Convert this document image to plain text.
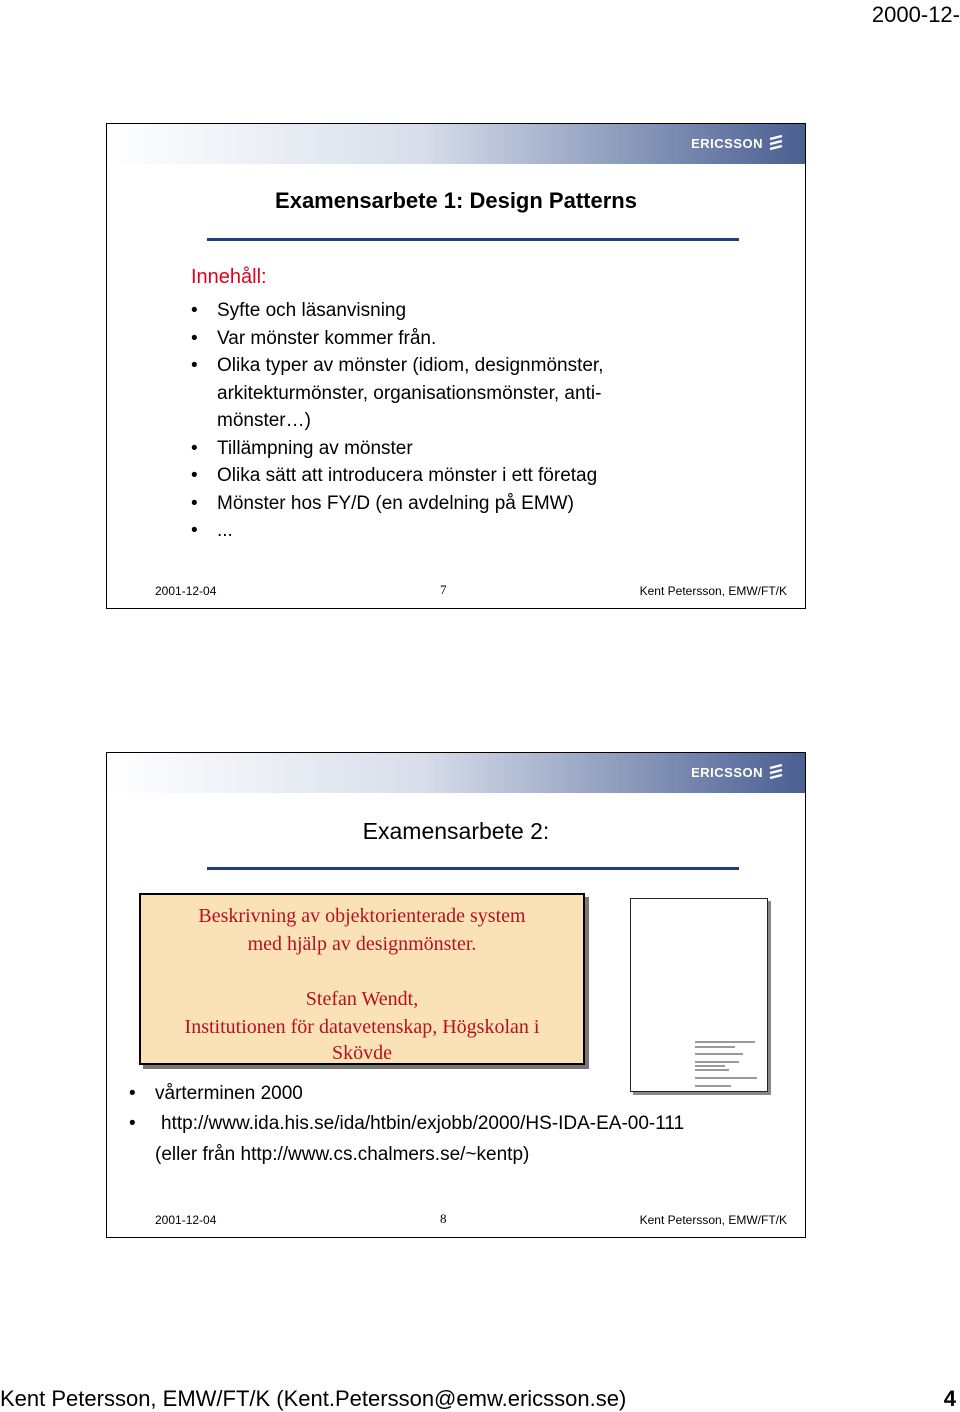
2000-12-
ERICSSON
Examensarbete 1: Design Patterns
Innehåll:
• Syfte och läsanvisning
• Var mönster kommer från.
• Olika typer av mönster (idiom, designmönster, arkitekturmönster, organisationsmönster, anti-mönster…)
• Tillämpning av mönster
• Olika sätt att introducera mönster i ett företag
• Mönster hos FY/D (en avdelning på EMW)
• ...
2001-12-04	7	Kent Petersson, EMW/FT/K
ERICSSON
Examensarbete 2:

Beskrivning av objektorienterade system

med hjälp av designmönster.

Stefan Wendt,

Institutionen för datavetenskap, Högskolan i

Skövde

• vårterminen 2000
• http://www.ida.his.se/ida/htbin/exjobb/2000/HS-IDA-EA-00-111
(eller från http://www.cs.chalmers.se/~kentp)
2001-12-04	8	Kent Petersson, EMW/FT/K
Kent Petersson, EMW/FT/K (Kent.Petersson@emw.ericsson.se)	4
